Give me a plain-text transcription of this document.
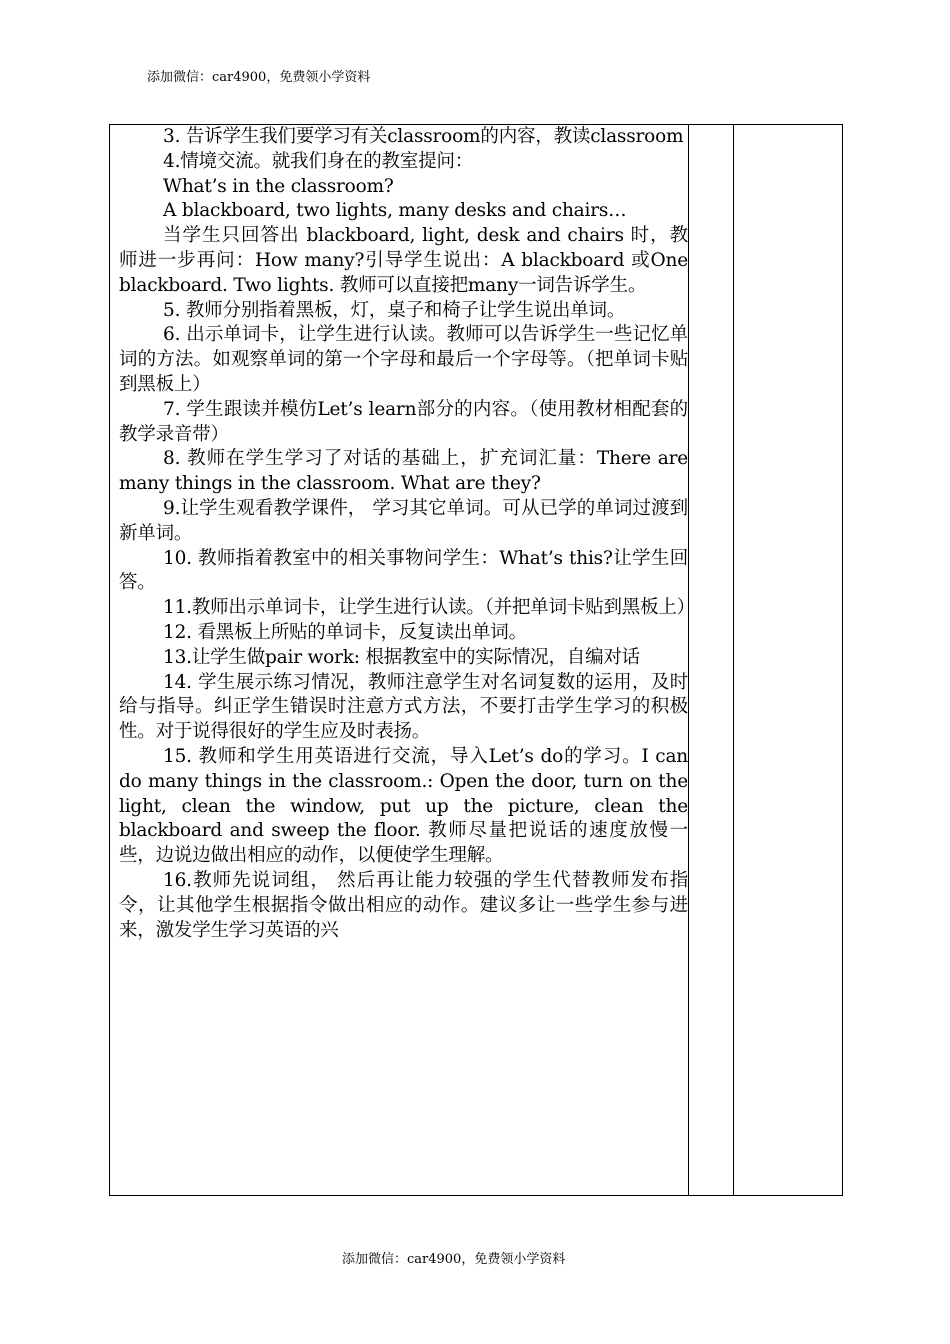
添加微信：car4900，免费领小学资料

3. 告诉学生我们要学习有关classroom的内容，教读classroom

4.情境交流。就我们身在的教室提问：

What’s in the classroom?

A blackboard, two lights, many desks and chairs…

当学生只回答出 blackboard, light, desk and chairs 时，教师进一步再问：How many?引导学生说出：A blackboard 或One blackboard. Two lights. 教师可以直接把many一词告诉学生。

5. 教师分别指着黑板，灯，桌子和椅子让学生说出单词。

6. 出示单词卡，让学生进行认读。教师可以告诉学生一些记忆单词的方法。如观察单词的第一个字母和最后一个字母等。（把单词卡贴到黑板上）

7. 学生跟读并模仿Let’s learn部分的内容。（使用教材相配套的教学录音带）

8. 教师在学生学习了对话的基础上，扩充词汇量：There are many things in the classroom. What are they?

9.让学生观看教学课件， 学习其它单词。可从已学的单词过渡到新单词。

10. 教师指着教室中的相关事物问学生：What’s this?让学生回答。

11.教师出示单词卡，让学生进行认读。（并把单词卡贴到黑板上）

12. 看黑板上所贴的单词卡，反复读出单词。

13.让学生做pair work: 根据教室中的实际情况，自编对话

14. 学生展示练习情况，教师注意学生对名词复数的运用，及时给与指导。纠正学生错误时注意方式方法，不要打击学生学习的积极性。对于说得很好的学生应及时表扬。

15. 教师和学生用英语进行交流，导入Let’s do的学习。I can do many things in the classroom.: Open the door, turn on the light, clean the window, put up the picture, clean the blackboard and sweep the floor. 教师尽量把说话的速度放慢一些，边说边做出相应的动作，以便使学生理解。

16.教师先说词组， 然后再让能力较强的学生代替教师发布指令，让其他学生根据指令做出相应的动作。建议多让一些学生参与进来，激发学生学习英语的兴

添加微信：car4900，免费领小学资料
